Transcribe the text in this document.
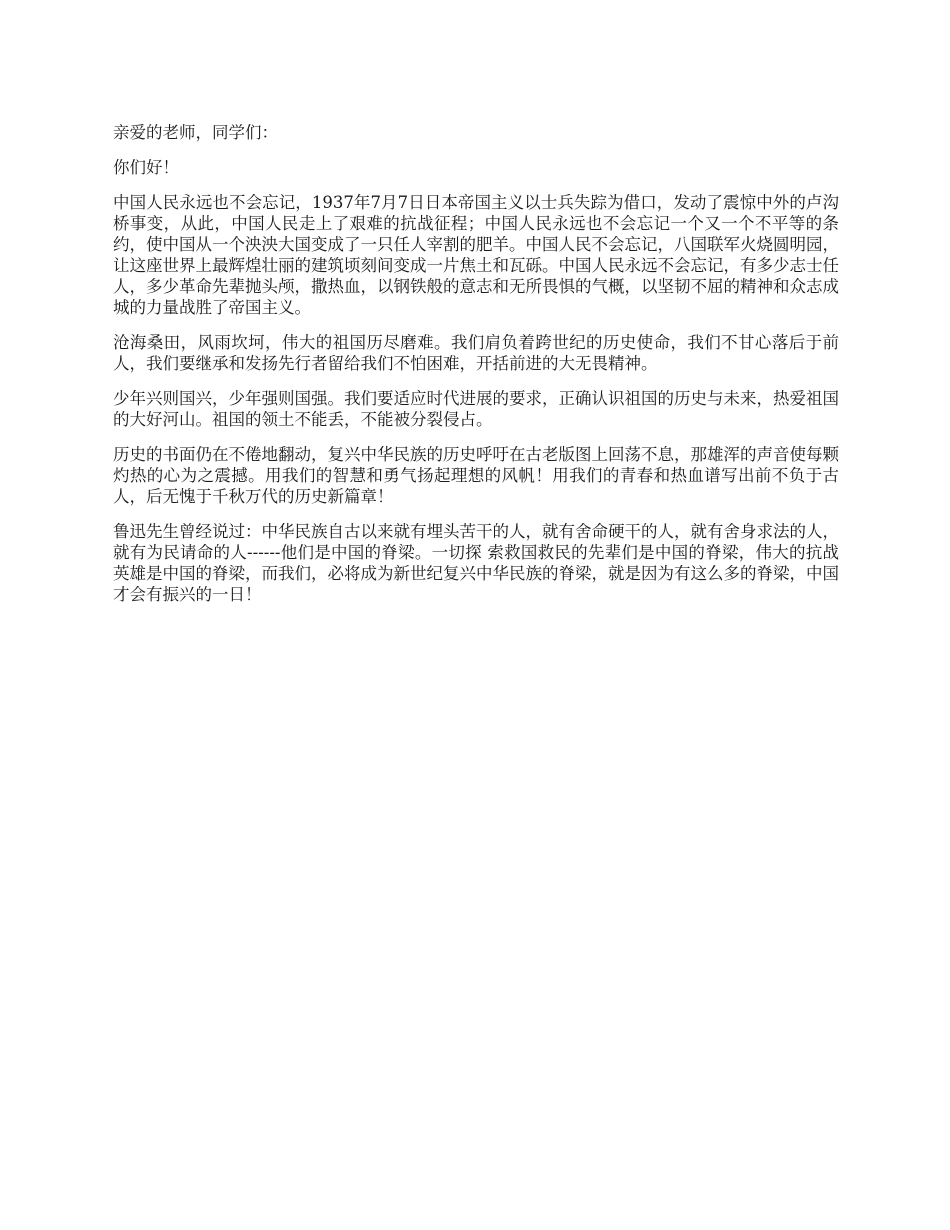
亲爱的老师，同学们：

你们好！

中国人民永远也不会忘记，1937年7月7日日本帝国主义以士兵失踪为借口，发动了震惊中外的卢沟桥事变，从此，中国人民走上了艰难的抗战征程；中国人民永远也不会忘记一个又一个不平等的条约，使中国从一个泱泱大国变成了一只任人宰割的肥羊。中国人民不会忘记，八国联军火烧圆明园，让这座世界上最辉煌壮丽的建筑顷刻间变成一片焦土和瓦砾。中国人民永远不会忘记，有多少志士任人，多少革命先辈抛头颅，撒热血，以钢铁般的意志和无所畏惧的气概，以坚韧不屈的精神和众志成城的力量战胜了帝国主义。

沧海桑田，风雨坎坷，伟大的祖国历尽磨难。我们肩负着跨世纪的历史使命，我们不甘心落后于前人，我们要继承和发扬先行者留给我们不怕困难，开括前进的大无畏精神。

少年兴则国兴，少年强则国强。我们要适应时代进展的要求，正确认识祖国的历史与未来，热爱祖国的大好河山。祖国的领土不能丢，不能被分裂侵占。

历史的书面仍在不倦地翻动，复兴中华民族的历史呼吁在古老版图上回荡不息，那雄浑的声音使每颗灼热的心为之震撼。用我们的智慧和勇气扬起理想的风帆！用我们的青春和热血谱写出前不负于古人，后无愧于千秋万代的历史新篇章！

鲁迅先生曾经说过：中华民族自古以来就有埋头苦干的人，就有舍命硬干的人，就有舍身求法的人，就有为民请命的人------他们是中国的脊梁。一切探 索救国救民的先辈们是中国的脊梁，伟大的抗战英雄是中国的脊梁，而我们，必将成为新世纪复兴中华民族的脊梁，就是因为有这么多的脊梁，中国才会有振兴的一日！
